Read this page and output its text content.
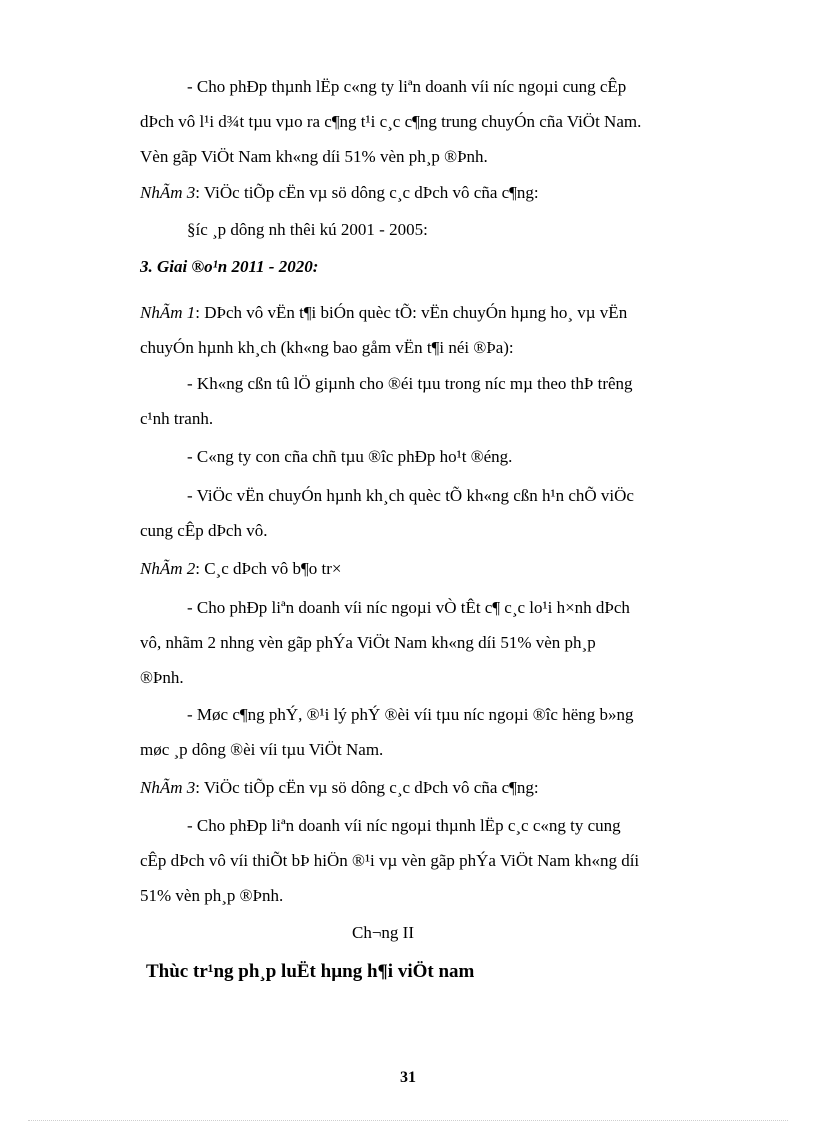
- Cho phÐp thµnh lËp c«ng ty liªn doanh víi níc ngoµi cung cÊp
dÞch vô l¹i d¾t tµu vµo ra c¶ng t¹i c¸c c¶ng trung chuyÓn cña ViÖt Nam.
Vèn gãp ViÖt Nam kh«ng díi 51% vèn ph¸p ®Þnh.
NhÃm 3: ViÖc tiÕp cËn vµ sö dông c¸c dÞch vô cña c¶ng:
§íc ¸p dông nh thêi kú 2001 - 2005:
3. Giai ®o¹n 2011 - 2020:
NhÃm 1: DÞch vô vËn t¶i biÓn quèc tÕ: vËn chuyÓn hµng ho¸ vµ vËn
chuyÓn hµnh kh¸ch (kh«ng bao gåm vËn t¶i néi ®Þa):
- Kh«ng cßn tû lÖ giµnh cho ®éi tµu trong níc mµ theo thÞ trêng
c¹nh tranh.
- C«ng ty con cña chñ tµu ®îc phÐp ho¹t ®éng.
- ViÖc vËn chuyÓn hµnh kh¸ch quèc tÕ kh«ng cßn h¹n chÕ viÖc
cung cÊp dÞch vô.
NhÃm 2: C¸c dÞch vô b¶o tr×
- Cho phÐp liªn doanh víi níc ngoµi vÒ tÊt c¶ c¸c lo¹i h×nh dÞch
vô, nhãm 2 nhng vèn gãp phÝa ViÖt Nam kh«ng díi 51% vèn ph¸p
®Þnh.
- Møc c¶ng phÝ, ®¹i lý phÝ ®èi víi tµu níc ngoµi ®îc hëng b»ng
møc ¸p dông ®èi víi tµu ViÖt Nam.
NhÃm 3: ViÖc tiÕp cËn vµ sö dông c¸c dÞch vô cña c¶ng:
- Cho phÐp liªn doanh víi níc ngoµi thµnh lËp c¸c c«ng ty cung
cÊp dÞch vô víi thiÕt bÞ hiÖn ®¹i vµ vèn gãp phÝa ViÖt Nam kh«ng díi
51% vèn ph¸p ®Þnh.
Ch¬ng II
Thùc tr¹ng ph¸p luËt hµng h¶i viÖt nam
31
